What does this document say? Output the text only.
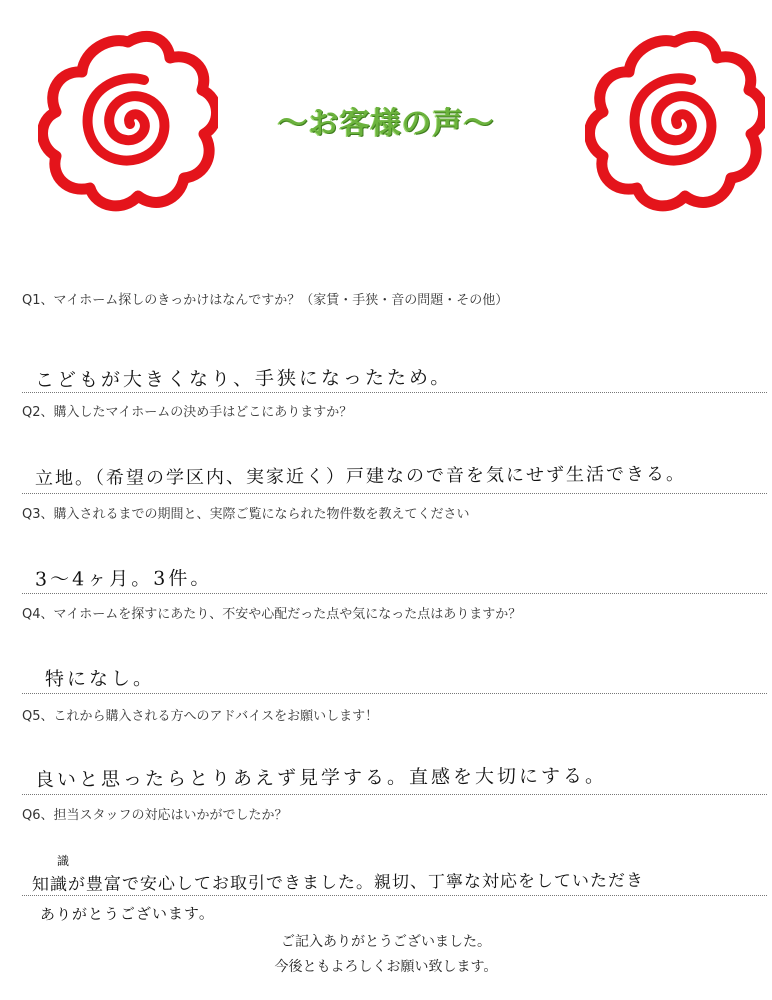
～お客様の声～
Q1、マイホーム探しのきっかけはなんですか？（家賃・手狭・音の問題・その他）
こどもが大きくなり、手狭になったため。
Q2、購入したマイホームの決め手はどこにありますか？
立地。（希望の学区内、実家近く）戸建なので音を気にせず生活できる。
Q3、購入されるまでの期間と、実際ご覧になられた物件数を教えてください
3～4ヶ月。3件。
Q4、マイホームを探すにあたり、不安や心配だった点や気になった点はありますか？
特になし。
Q5、これから購入される方へのアドバイスをお願いします！
良いと思ったらとりあえず見学する。直感を大切にする。
Q6、担当スタッフの対応はいかがでしたか？
識
知識が豊富で安心してお取引できました。親切、丁寧な対応をしていただき
ありがとうございます。
ご記入ありがとうございました。
今後ともよろしくお願い致します。
